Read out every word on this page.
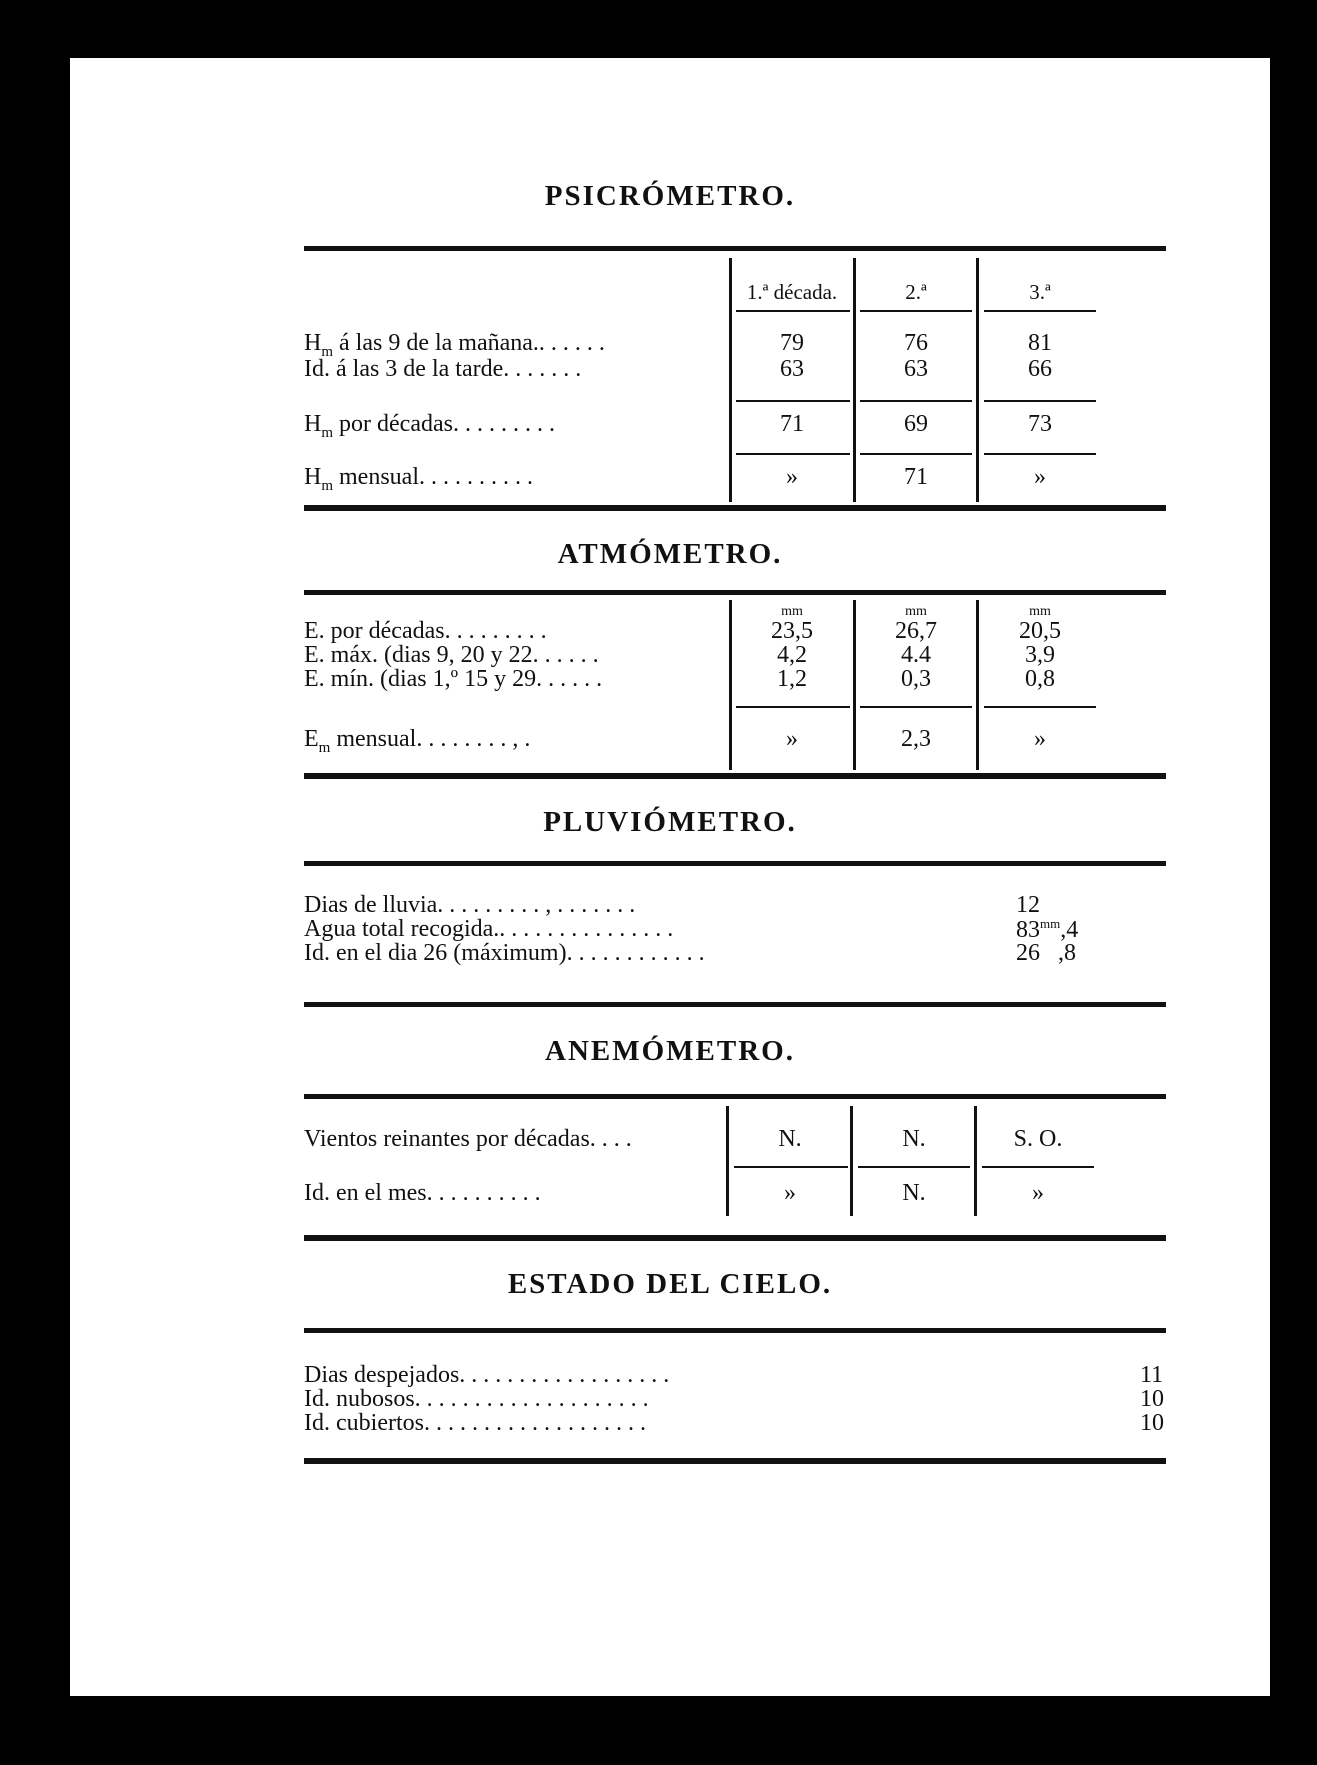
PSICRÓMETRO.
1.ª década.	2.ª	3.ª
$H_m$ á las 9 de la mañana.. . . . . .	79	76	81
Id. á las 3 de la tarde. . . . . . .	63	63	66
$H_m$ por décadas. . . . . . . . .	71	69	73
$H_m$ mensual. . . . . . . . . .	»	71	»
ATMÓMETRO.
mm	mm	mm
E. por décadas. . . . . . . . .	23,5	26,7	20,5
E. máx. (dias 9, 20 y 22. . . . . .	4,2	4.4	3,9
E. mín. (dias 1,º 15 y 29. . . . . .	1,2	0,3	0,8
$E_m$ mensual. . . . . . . . , .	»	2,3	»
PLUVIÓMETRO.
Dias de lluvia. . . . . . . . . , . . . . . . .	12
Agua total recogida.. . . . . . . . . . . . . . .	$83^{mm},4$
Id. en el dia 26 (máximum). . . . . . . . . . . .	26   ,8
ANEMÓMETRO.
Vientos reinantes por décadas. . . .	N.	N.	S. O.
Id. en el mes. . . . . . . . . .	»	N.	»
ESTADO DEL CIELO.
Dias despejados. . . . . . . . . . . . . . . . . .	11
Id. nubosos. . . . . . . . . . . . . . . . . . . .	10
Id. cubiertos. . . . . . . . . . . . . . . . . . .	10
